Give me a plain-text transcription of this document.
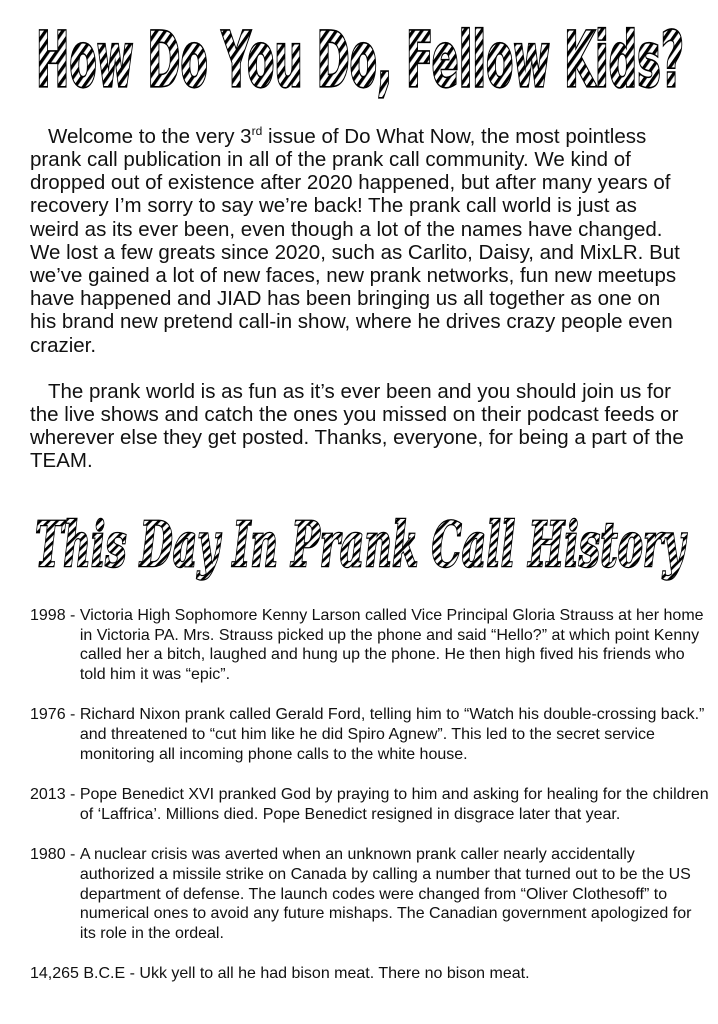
How Do You Do, Fellow Kids?

Welcome to the very 3rd issue of Do What Now, the most pointless prank call publication in all of the prank call community. We kind of dropped out of existence after 2020 happened, but after many years of recovery I’m sorry to say we’re back! The prank call world is just as weird as its ever been, even though a lot of the names have changed. We lost a few greats since 2020, such as Carlito, Daisy, and MixLR. But we’ve gained a lot of new faces, new prank networks, fun new meetups have happened and JIAD has been bringing us all together as one on his brand new pretend call-in show, where he drives crazy people even crazier.

The prank world is as fun as it’s ever been and you should join us for the live shows and catch the ones you missed on their podcast feeds or wherever else they get posted. Thanks, everyone, for being a part of the TEAM.

This Day In Prank Call History
1998 - Victoria High Sophomore Kenny Larson called Vice Principal Gloria Strauss at her home in Victoria PA. Mrs. Strauss picked up the phone and said “Hello?” at which point Kenny called her a bitch, laughed and hung up the phone. He then high fived his friends who told him it was “epic”.
1976 - Richard Nixon prank called Gerald Ford, telling him to “Watch his double-crossing back.” and threatened to “cut him like he did Spiro Agnew”. This led to the secret service monitoring all incoming phone calls to the white house.
2013 - Pope Benedict XVI pranked God by praying to him and asking for healing for the children of ‘Laffrica’. Millions died. Pope Benedict resigned in disgrace later that year.
1980 - A nuclear crisis was averted when an unknown prank caller nearly accidentally authorized a missile strike on Canada by calling a number that turned out to be the US department of defense. The launch codes were changed from “Oliver Clothesoff” to numerical ones to avoid any future mishaps. The Canadian government apologized for its role in the ordeal.
14,265 B.C.E - Ukk yell to all he had bison meat. There no bison meat.
